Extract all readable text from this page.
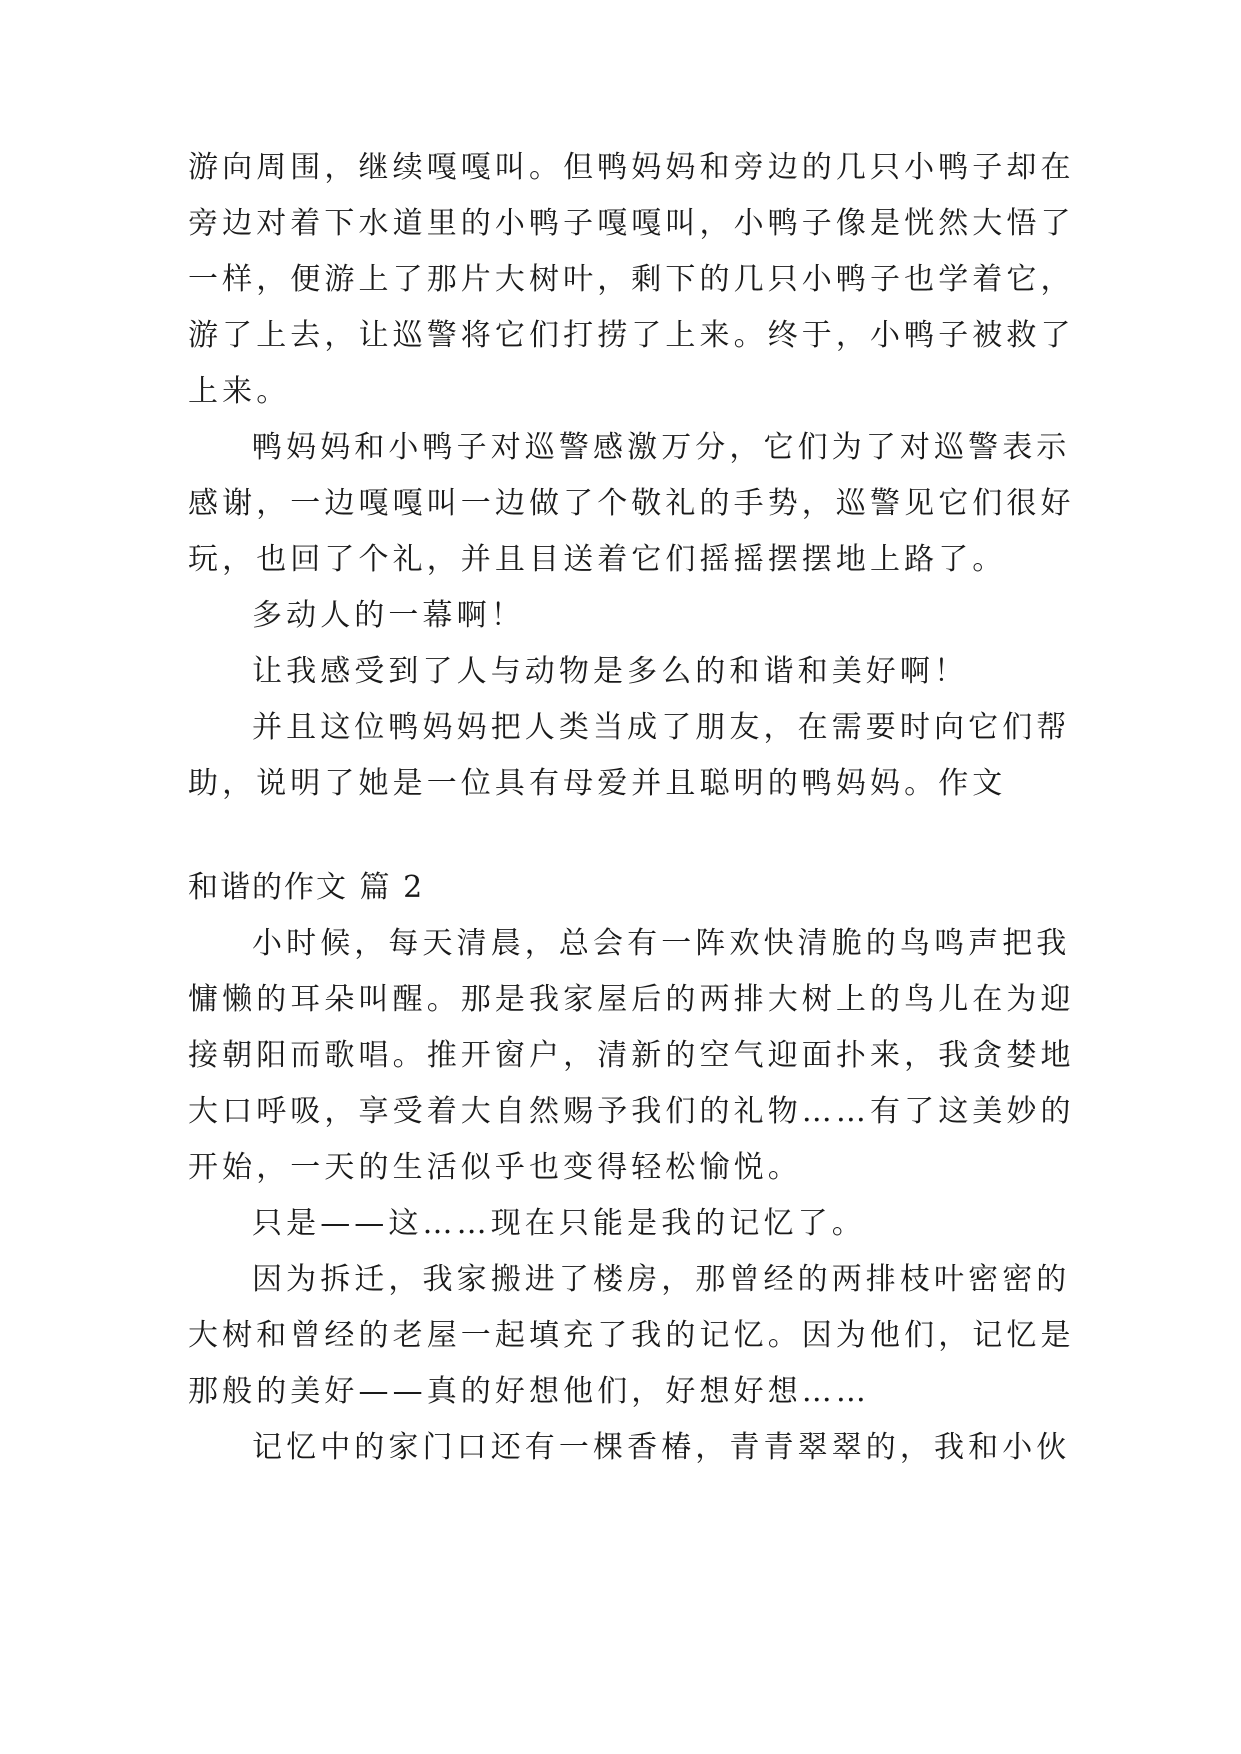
游向周围，继续嘎嘎叫。但鸭妈妈和旁边的几只小鸭子却在
旁边对着下水道里的小鸭子嘎嘎叫，小鸭子像是恍然大悟了
一样，便游上了那片大树叶，剩下的几只小鸭子也学着它，
游了上去，让巡警将它们打捞了上来。终于，小鸭子被救了
上来。
鸭妈妈和小鸭子对巡警感激万分，它们为了对巡警表示
感谢，一边嘎嘎叫一边做了个敬礼的手势，巡警见它们很好
玩，也回了个礼，并且目送着它们摇摇摆摆地上路了。
多动人的一幕啊！
让我感受到了人与动物是多么的和谐和美好啊！
并且这位鸭妈妈把人类当成了朋友，在需要时向它们帮
助，说明了她是一位具有母爱并且聪明的鸭妈妈。作文
和谐的作文 篇 2
小时候，每天清晨，总会有一阵欢快清脆的鸟鸣声把我
慵懒的耳朵叫醒。那是我家屋后的两排大树上的鸟儿在为迎
接朝阳而歌唱。推开窗户，清新的空气迎面扑来，我贪婪地
大口呼吸，享受着大自然赐予我们的礼物……有了这美妙的
开始，一天的生活似乎也变得轻松愉悦。
只是——这……现在只能是我的记忆了。
因为拆迁，我家搬进了楼房，那曾经的两排枝叶密密的
大树和曾经的老屋一起填充了我的记忆。因为他们，记忆是
那般的美好——真的好想他们，好想好想……
记忆中的家门口还有一棵香椿，青青翠翠的，我和小伙
